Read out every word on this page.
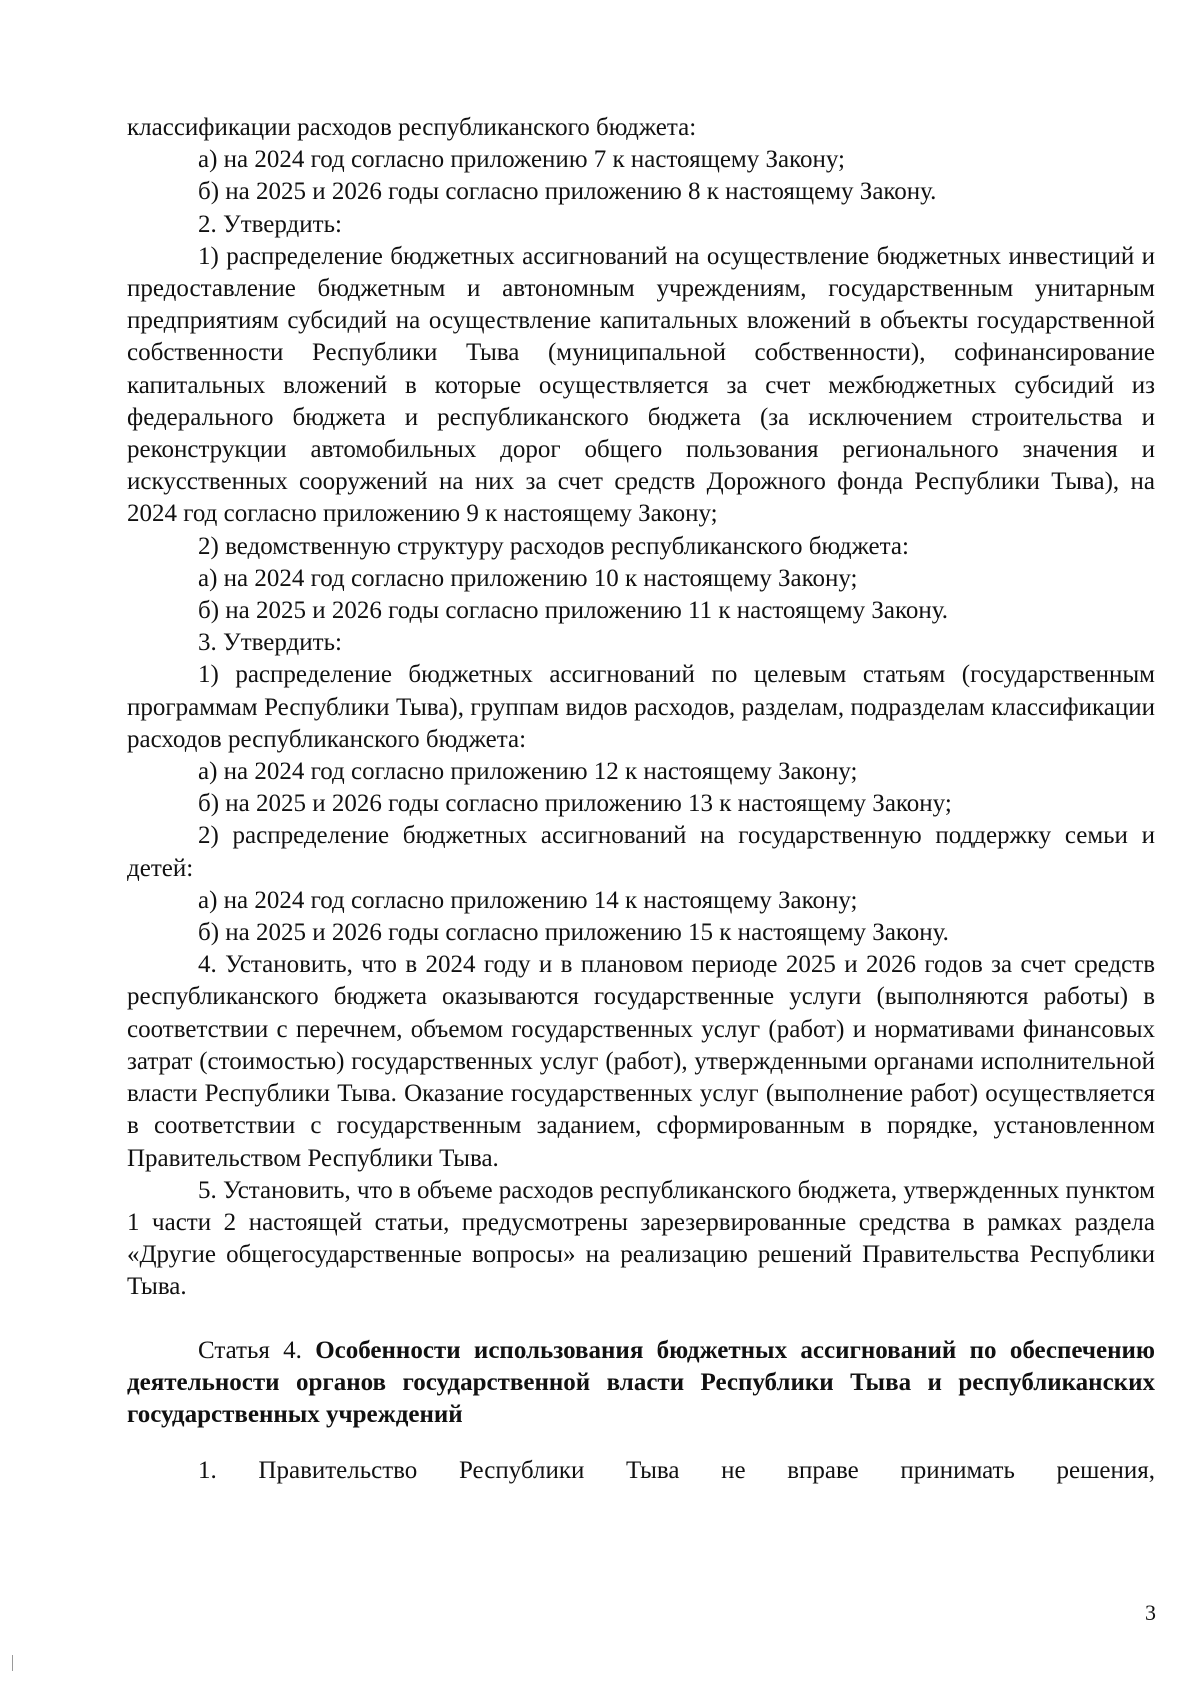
классификации расходов республиканского бюджета:

а) на 2024 год согласно приложению 7 к настоящему Закону;

б) на 2025 и 2026 годы согласно приложению 8 к настоящему Закону.

2. Утвердить:

1) распределение бюджетных ассигнований на осуществление бюджетных инвестиций и предоставление бюджетным и автономным учреждениям, государственным унитарным предприятиям субсидий на осуществление капитальных вложений в объекты государственной собственности Республики Тыва (муниципальной собственности), софинансирование капитальных вложений в которые осуществляется за счет межбюджетных субсидий из федерального бюджета и республиканского бюджета (за исключением строительства и реконструкции автомобильных дорог общего пользования регионального значения и искусственных сооружений на них за счет средств Дорожного фонда Республики Тыва), на 2024 год согласно приложению 9 к настоящему Закону;

2) ведомственную структуру расходов республиканского бюджета:

а) на 2024 год согласно приложению 10 к настоящему Закону;

б) на 2025 и 2026 годы согласно приложению 11 к настоящему Закону.

3. Утвердить:

1) распределение бюджетных ассигнований по целевым статьям (государственным программам Республики Тыва), группам видов расходов, разделам, подразделам классификации расходов республиканского бюджета:

а) на 2024 год согласно приложению 12 к настоящему Закону;

б) на 2025 и 2026 годы согласно приложению 13 к настоящему Закону;

2) распределение бюджетных ассигнований на государственную поддержку семьи и детей:

а) на 2024 год согласно приложению 14 к настоящему Закону;

б) на 2025 и 2026 годы согласно приложению 15 к настоящему Закону.

4. Установить, что в 2024 году и в плановом периоде 2025 и 2026 годов за счет средств республиканского бюджета оказываются государственные услуги (выполняются работы) в соответствии с перечнем, объемом государственных услуг (работ) и нормативами финансовых затрат (стоимостью) государственных услуг (работ), утвержденными органами исполнительной власти Республики Тыва. Оказание государственных услуг (выполнение работ) осуществляется в соответствии с государственным заданием, сформированным в порядке, установленном Правительством Республики Тыва.

5. Установить, что в объеме расходов республиканского бюджета, утвержденных пунктом 1 части 2 настоящей статьи, предусмотрены зарезервированные средства в рамках раздела «Другие общегосударственные вопросы» на реализацию решений Правительства Республики Тыва.

Статья 4. Особенности использования бюджетных ассигнований по обеспечению деятельности органов государственной власти Республики Тыва и республиканских государственных учреждений

1. Правительство Республики Тыва не вправе принимать решения,

3
